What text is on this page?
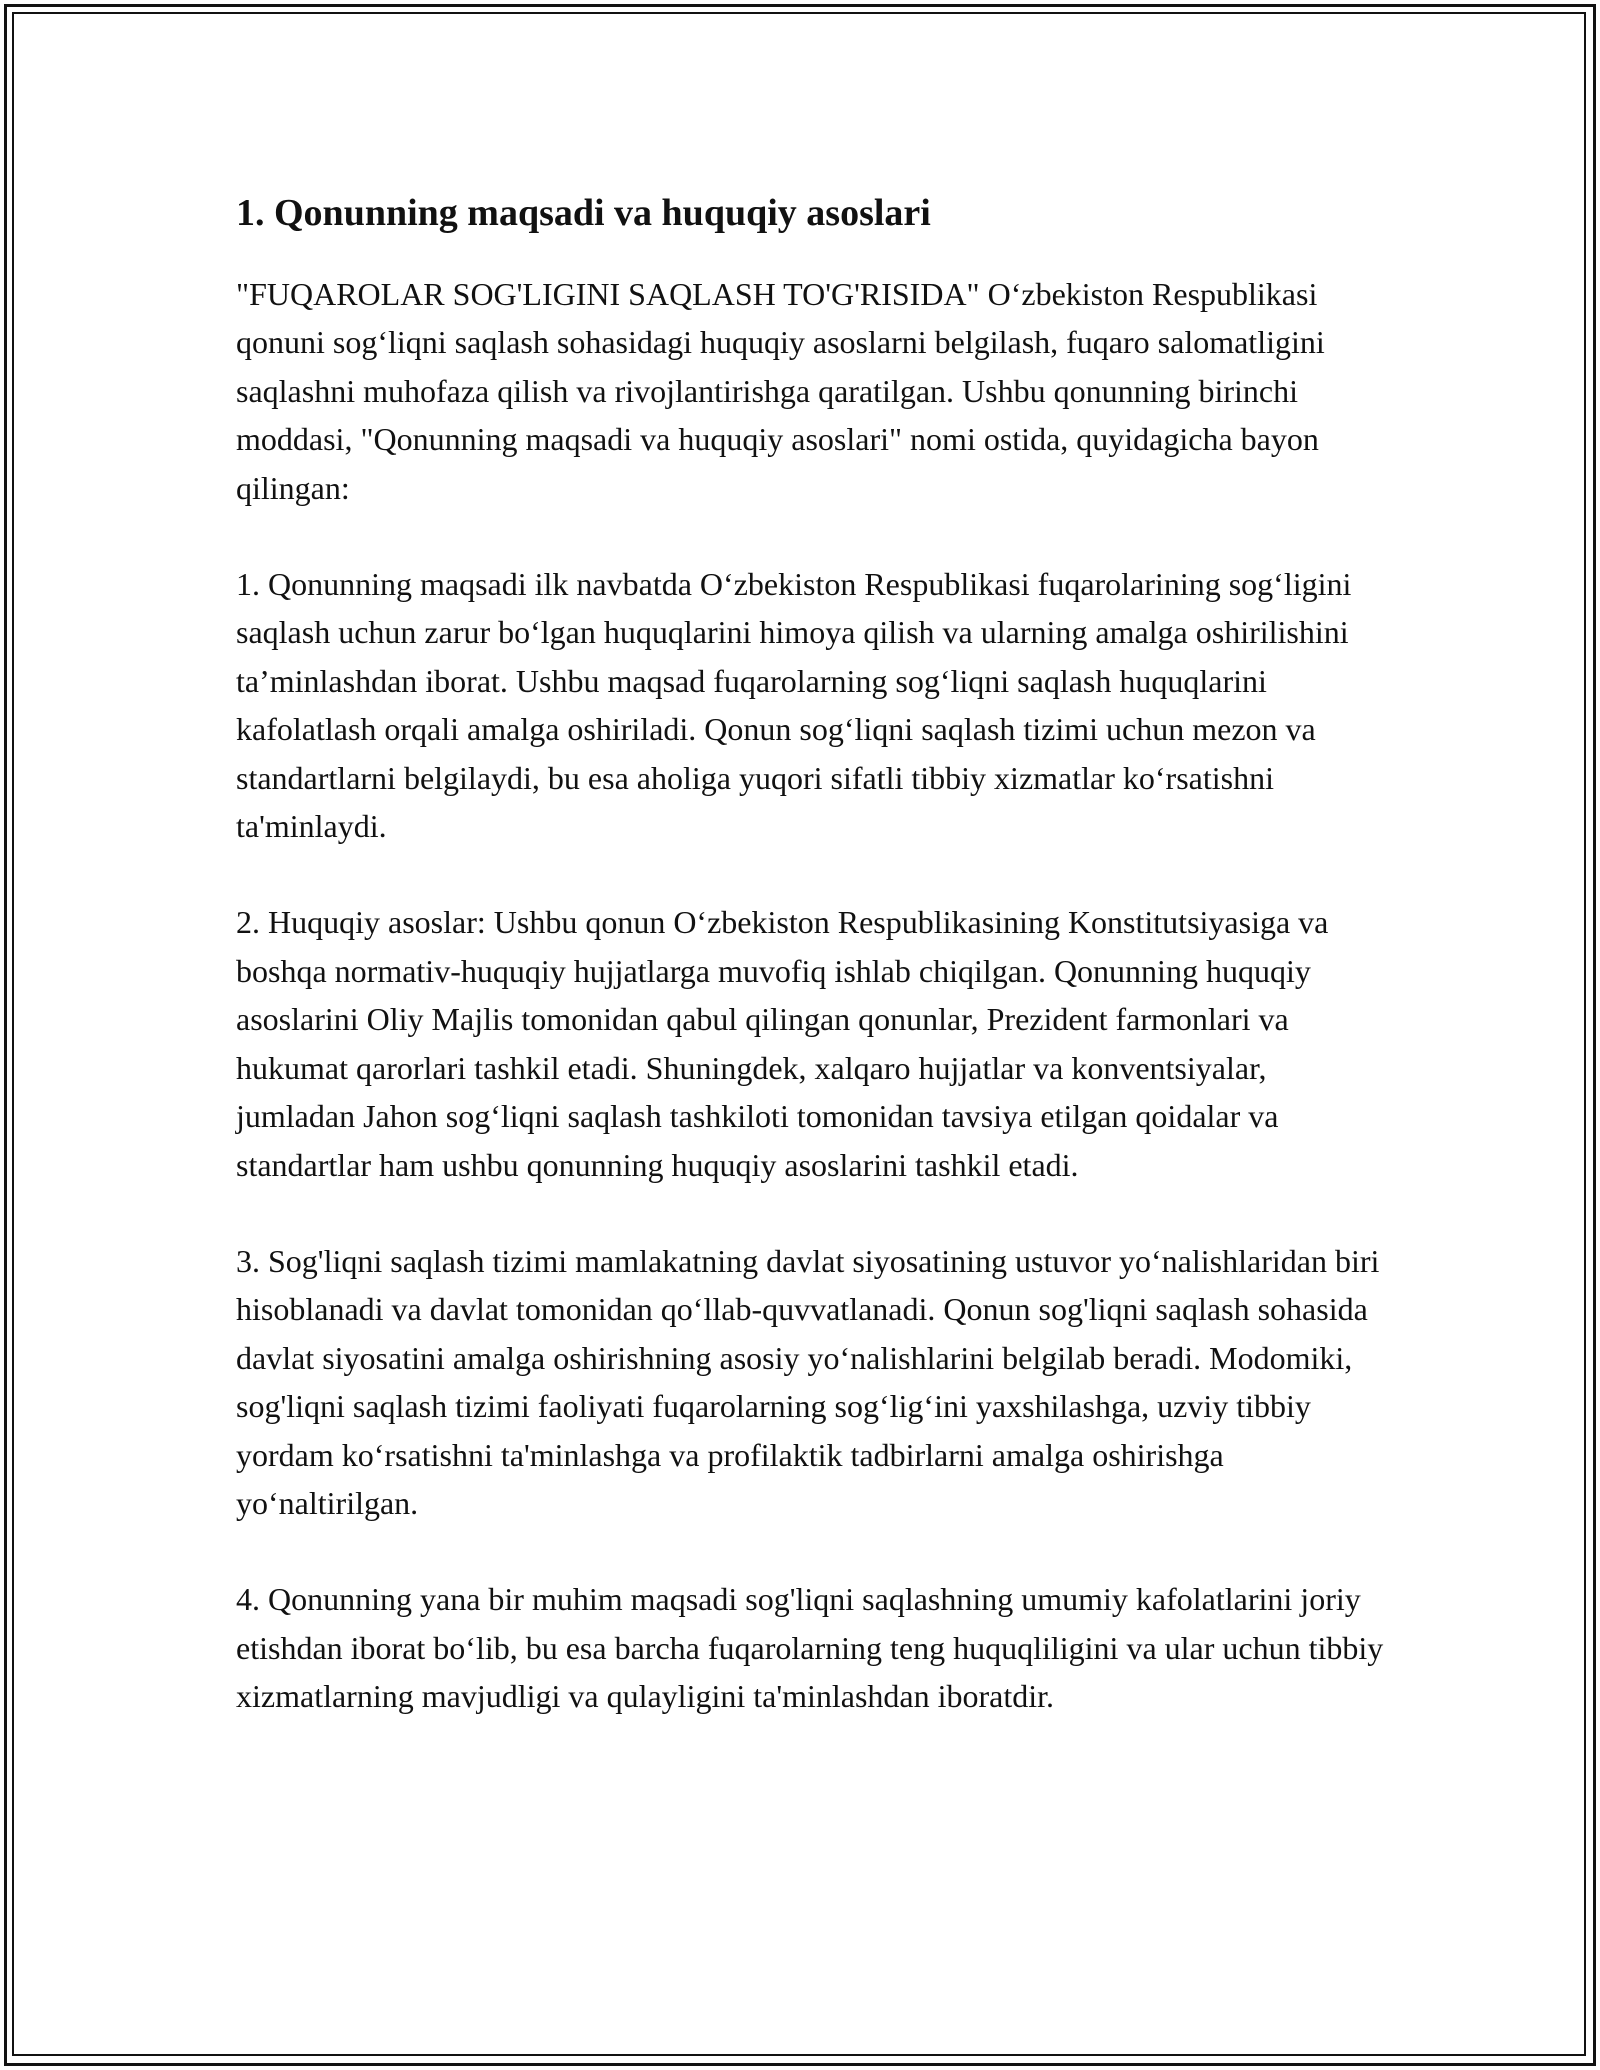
1. Qonunning maqsadi va huquqiy asoslari

"FUQAROLAR SOG'LIGINI SAQLASH TO'G'RISIDA" O‘zbekiston Respublikasi qonuni sog‘liqni saqlash sohasidagi huquqiy asoslarni belgilash, fuqaro salomatligini saqlashni muhofaza qilish va rivojlantirishga qaratilgan. Ushbu qonunning birinchi moddasi, "Qonunning maqsadi va huquqiy asoslari" nomi ostida, quyidagicha bayon qilingan:

1. Qonunning maqsadi ilk navbatda O‘zbekiston Respublikasi fuqarolarining sog‘ligini saqlash uchun zarur bo‘lgan huquqlarini himoya qilish va ularning amalga oshirilishini ta’minlashdan iborat. Ushbu maqsad fuqarolarning sog‘liqni saqlash huquqlarini kafolatlash orqali amalga oshiriladi. Qonun sog‘liqni saqlash tizimi uchun mezon va standartlarni belgilaydi, bu esa aholiga yuqori sifatli tibbiy xizmatlar ko‘rsatishni ta'minlaydi.

2. Huquqiy asoslar: Ushbu qonun O‘zbekiston Respublikasining Konstitutsiyasiga va boshqa normativ-huquqiy hujjatlarga muvofiq ishlab chiqilgan. Qonunning huquqiy asoslarini Oliy Majlis tomonidan qabul qilingan qonunlar, Prezident farmonlari va hukumat qarorlari tashkil etadi. Shuningdek, xalqaro hujjatlar va konventsiyalar, jumladan Jahon sog‘liqni saqlash tashkiloti tomonidan tavsiya etilgan qoidalar va standartlar ham ushbu qonunning huquqiy asoslarini tashkil etadi.

3. Sog'liqni saqlash tizimi mamlakatning davlat siyosatining ustuvor yo‘nalishlaridan biri hisoblanadi va davlat tomonidan qo‘llab-quvvatlanadi. Qonun sog'liqni saqlash sohasida davlat siyosatini amalga oshirishning asosiy yo‘nalishlarini belgilab beradi. Modomiki, sog'liqni saqlash tizimi faoliyati fuqarolarning sog‘lig‘ini yaxshilashga, uzviy tibbiy yordam ko‘rsatishni ta'minlashga va profilaktik tadbirlarni amalga oshirishga yo‘naltirilgan.

4. Qonunning yana bir muhim maqsadi sog'liqni saqlashning umumiy kafolatlarini joriy etishdan iborat bo‘lib, bu esa barcha fuqarolarning teng huquqliligini va ular uchun tibbiy xizmatlarning mavjudligi va qulayligini ta'minlashdan iboratdir.
